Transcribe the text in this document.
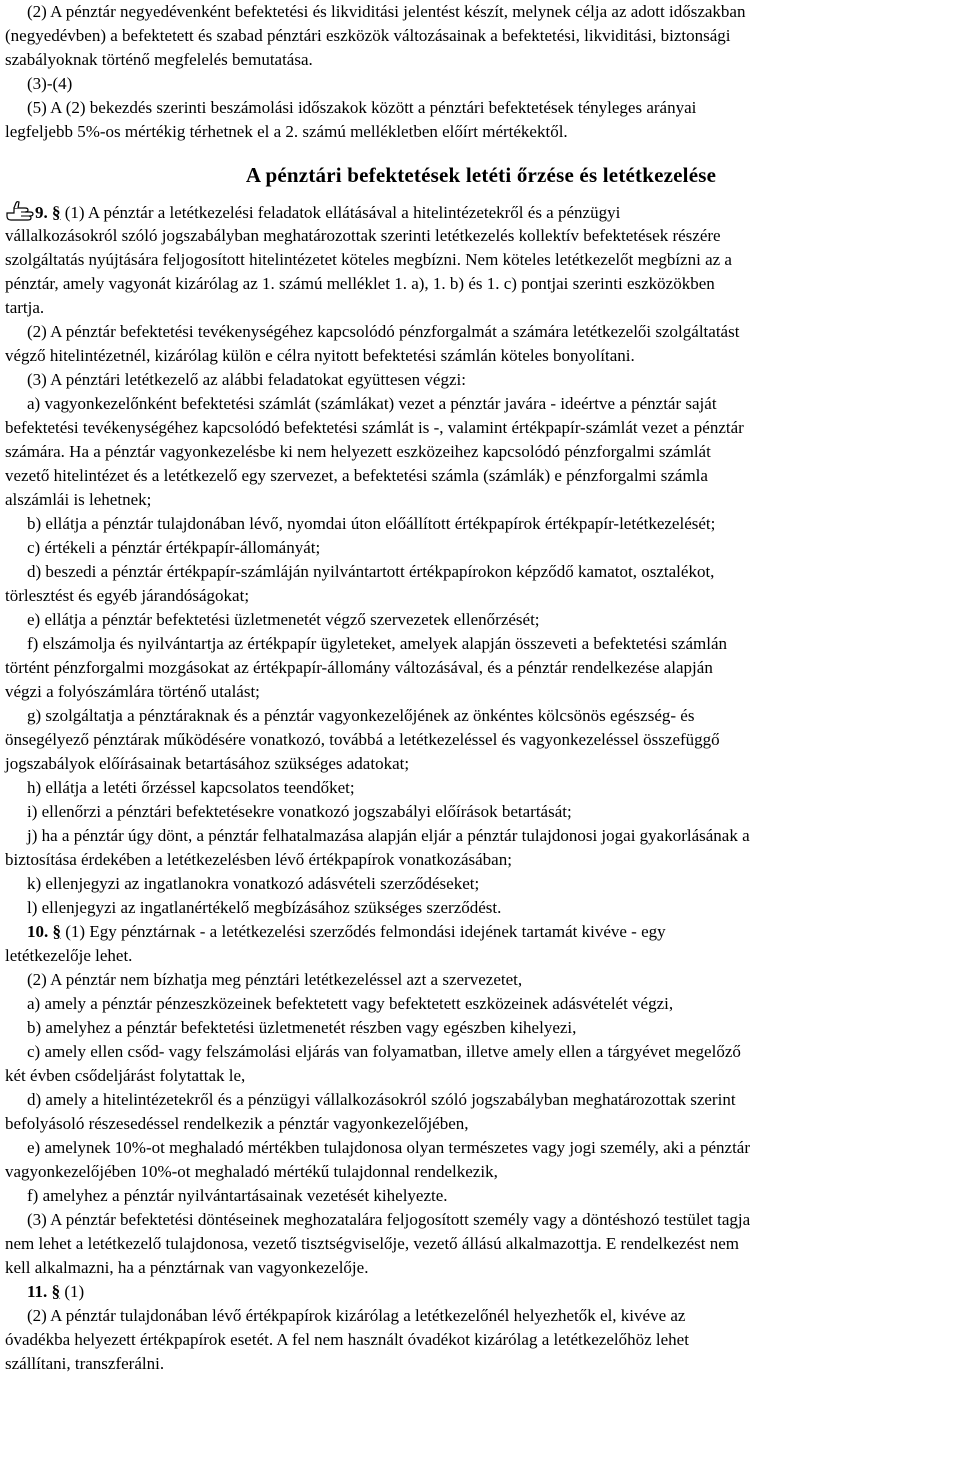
(2) A pénztár negyedévenként befektetési és likviditási jelentést készít, melynek célja az adott időszakban
(negyedévben) a befektetett és szabad pénztári eszközök változásainak a befektetési, likviditási, biztonsági
szabályoknak történő megfelelés bemutatása.
(3)-(4)
(5) A (2) bekezdés szerinti beszámolási időszakok között a pénztári befektetések tényleges arányai
legfeljebb 5%-os mértékig térhetnek el a 2. számú mellékletben előírt mértékektől.
A pénztári befektetések letéti őrzése és letétkezelése
9. § (1) A pénztár a letétkezelési feladatok ellátásával a hitelintézetekről és a pénzügyi
vállalkozásokról szóló jogszabályban meghatározottak szerinti letétkezelés kollektív befektetések részére
szolgáltatás nyújtására feljogosított hitelintézetet köteles megbízni. Nem köteles letétkezelőt megbízni az a
pénztár, amely vagyonát kizárólag az 1. számú melléklet 1. a), 1. b) és 1. c) pontjai szerinti eszközökben
tartja.
(2) A pénztár befektetési tevékenységéhez kapcsolódó pénzforgalmát a számára letétkezelői szolgáltatást
végző hitelintézetnél, kizárólag külön e célra nyitott befektetési számlán köteles bonyolítani.
(3) A pénztári letétkezelő az alábbi feladatokat együttesen végzi:
a) vagyonkezelőnként befektetési számlát (számlákat) vezet a pénztár javára - ideértve a pénztár saját
befektetési tevékenységéhez kapcsolódó befektetési számlát is -, valamint értékpapír-számlát vezet a pénztár
számára. Ha a pénztár vagyonkezelésbe ki nem helyezett eszközeihez kapcsolódó pénzforgalmi számlát
vezető hitelintézet és a letétkezelő egy szervezet, a befektetési számla (számlák) e pénzforgalmi számla
alszámlái is lehetnek;
b) ellátja a pénztár tulajdonában lévő, nyomdai úton előállított értékpapírok értékpapír-letétkezelését;
c) értékeli a pénztár értékpapír-állományát;
d) beszedi a pénztár értékpapír-számláján nyilvántartott értékpapírokon képződő kamatot, osztalékot,
törlesztést és egyéb járandóságokat;
e) ellátja a pénztár befektetési üzletmenetét végző szervezetek ellenőrzését;
f) elszámolja és nyilvántartja az értékpapír ügyleteket, amelyek alapján összeveti a befektetési számlán
történt pénzforgalmi mozgásokat az értékpapír-állomány változásával, és a pénztár rendelkezése alapján
végzi a folyószámlára történő utalást;
g) szolgáltatja a pénztáraknak és a pénztár vagyonkezelőjének az önkéntes kölcsönös egészség- és
önsegélyező pénztárak működésére vonatkozó, továbbá a letétkezeléssel és vagyonkezeléssel összefüggő
jogszabályok előírásainak betartásához szükséges adatokat;
h) ellátja a letéti őrzéssel kapcsolatos teendőket;
i) ellenőrzi a pénztári befektetésekre vonatkozó jogszabályi előírások betartását;
j) ha a pénztár úgy dönt, a pénztár felhatalmazása alapján eljár a pénztár tulajdonosi jogai gyakorlásának a
biztosítása érdekében a letétkezelésben lévő értékpapírok vonatkozásában;
k) ellenjegyzi az ingatlanokra vonatkozó adásvételi szerződéseket;
l) ellenjegyzi az ingatlanértékelő megbízásához szükséges szerződést.
10. § (1) Egy pénztárnak - a letétkezelési szerződés felmondási idejének tartamát kivéve - egy
letétkezelője lehet.
(2) A pénztár nem bízhatja meg pénztári letétkezeléssel azt a szervezetet,
a) amely a pénztár pénzeszközeinek befektetett vagy befektetett eszközeinek adásvételét végzi,
b) amelyhez a pénztár befektetési üzletmenetét részben vagy egészben kihelyezi,
c) amely ellen csőd- vagy felszámolási eljárás van folyamatban, illetve amely ellen a tárgyévet megelőző
két évben csődeljárást folytattak le,
d) amely a hitelintézetekről és a pénzügyi vállalkozásokról szóló jogszabályban meghatározottak szerint
befolyásoló részesedéssel rendelkezik a pénztár vagyonkezelőjében,
e) amelynek 10%-ot meghaladó mértékben tulajdonosa olyan természetes vagy jogi személy, aki a pénztár
vagyonkezelőjében 10%-ot meghaladó mértékű tulajdonnal rendelkezik,
f) amelyhez a pénztár nyilvántartásainak vezetését kihelyezte.
(3) A pénztár befektetési döntéseinek meghozatalára feljogosított személy vagy a döntéshozó testület tagja
nem lehet a letétkezelő tulajdonosa, vezető tisztségviselője, vezető állású alkalmazottja. E rendelkezést nem
kell alkalmazni, ha a pénztárnak van vagyonkezelője.
11. § (1)
(2) A pénztár tulajdonában lévő értékpapírok kizárólag a letétkezelőnél helyezhetők el, kivéve az
óvadékba helyezett értékpapírok esetét. A fel nem használt óvadékot kizárólag a letétkezelőhöz lehet
szállítani, transzferálni.
